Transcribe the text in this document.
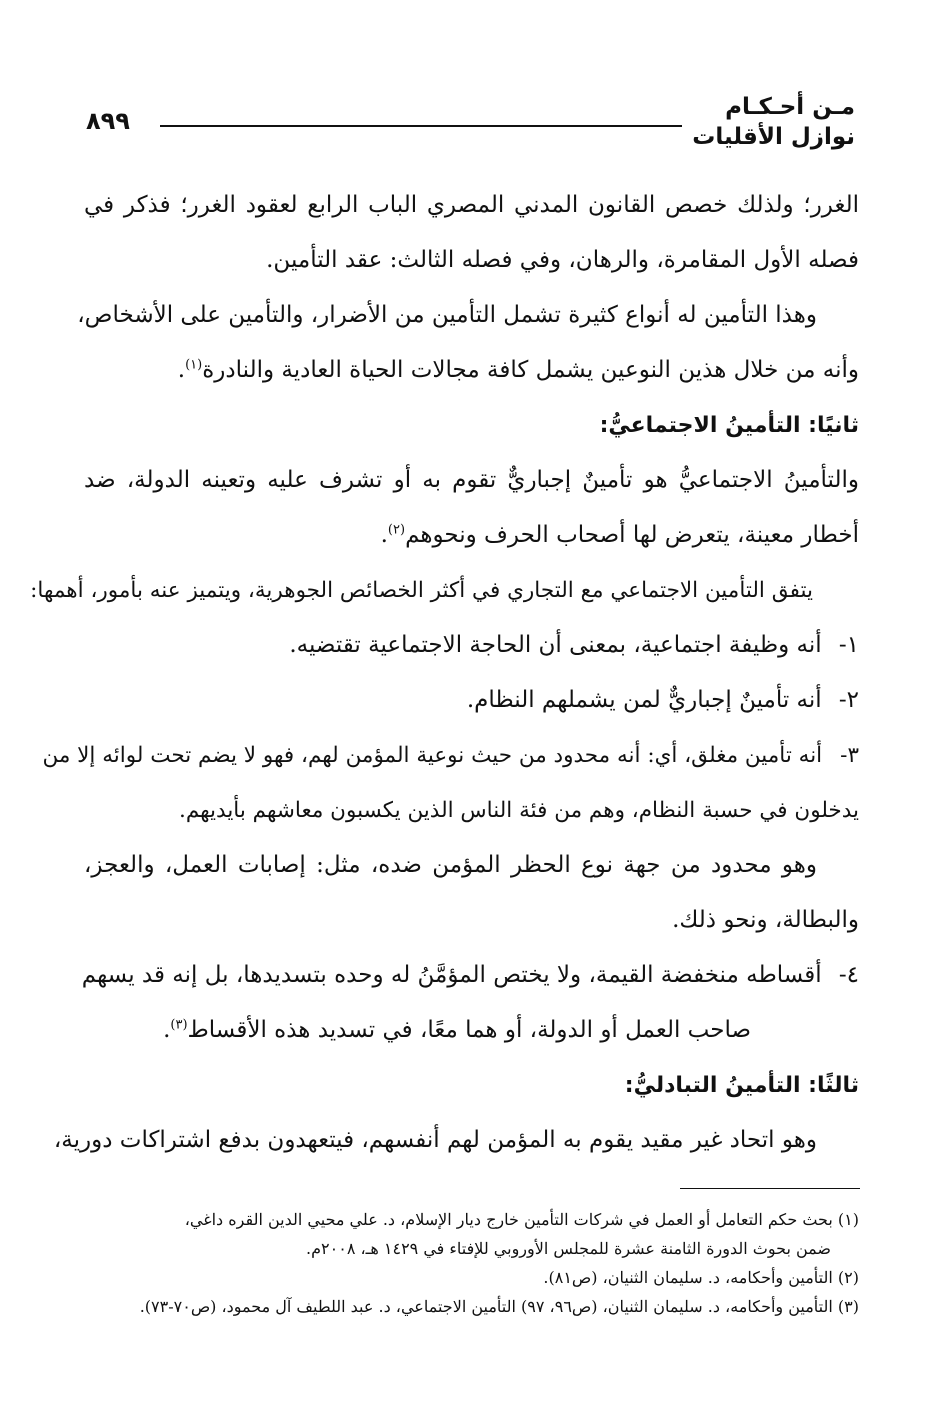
مـن أحـكـام
نوازل الأقليات
٨٩٩
الغرر؛ ولذلك خصص القانون المدني المصري الباب الرابع لعقود الغرر؛ فذكر في
فصله الأول المقامرة، والرهان، وفي فصله الثالث: عقد التأمين.
وهذا التأمين له أنواع كثيرة تشمل التأمين من الأضرار، والتأمين على الأشخاص،
وأنه من خلال هذين النوعين يشمل كافة مجالات الحياة العادية والنادرة$^{(١)}$.
ثانيًا: التأمينُ الاجتماعيُّ:
والتأمينُ الاجتماعيُّ هو تأمينٌ إجباريٌّ تقوم به أو تشرف عليه وتعينه الدولة، ضد
أخطار معينة، يتعرض لها أصحاب الحرف ونحوهم$^{(٢)}$.
يتفق التأمين الاجتماعي مع التجاري في أكثر الخصائص الجوهرية، ويتميز عنه بأمور، أهمها:
١- أنه وظيفة اجتماعية، بمعنى أن الحاجة الاجتماعية تقتضيه.
٢- أنه تأمينٌ إجباريٌّ لمن يشملهم النظام.
٣- أنه تأمين مغلق، أي: أنه محدود من حيث نوعية المؤمن لهم، فهو لا يضم تحت لوائه إلا من
يدخلون في حسبة النظام، وهم من فئة الناس الذين يكسبون معاشهم بأيديهم.
وهو محدود من جهة نوع الحظر المؤمن ضده، مثل: إصابات العمل، والعجز،
والبطالة، ونحو ذلك.
٤- أقساطه منخفضة القيمة، ولا يختص المؤمَّنُ له وحده بتسديدها، بل إنه قد يسهم
صاحب العمل أو الدولة، أو هما معًا، في تسديد هذه الأقساط$^{(٣)}$.
ثالثًا: التأمينُ التبادليُّ:
وهو اتحاد غير مقيد يقوم به المؤمن لهم أنفسهم، فيتعهدون بدفع اشتراكات دورية،
(١) بحث حكم التعامل أو العمل في شركات التأمين خارج ديار الإسلام، د. علي محيي الدين القره داغي،
ضمن بحوث الدورة الثامنة عشرة للمجلس الأوروبي للإفتاء في ١٤٢٩ هـ، ٢٠٠٨م.
(٢) التأمين وأحكامه، د. سليمان الثنيان، (ص٨١).
(٣) التأمين وأحكامه، د. سليمان الثنيان، (ص٩٦، ٩٧) التأمين الاجتماعي، د. عبد اللطيف آل محمود، (ص٧٠-٧٣).
